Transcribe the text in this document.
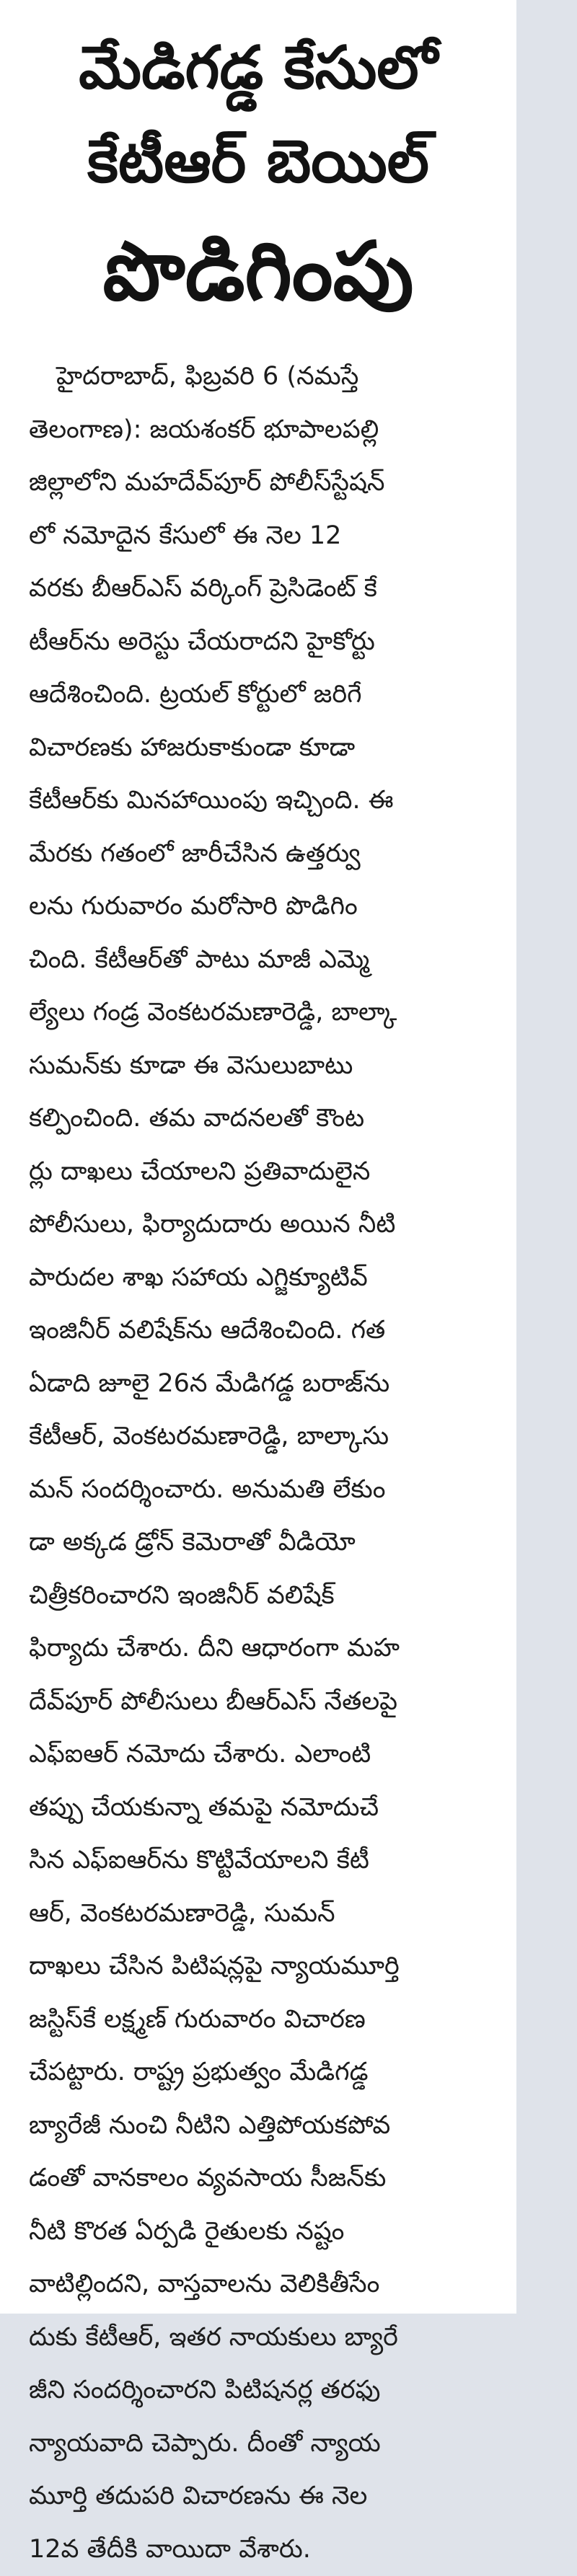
మేడిగడ్డ కేసులో
కేటీఆర్ బెయిల్
పొడిగింపు
హైదరాబాద్, ఫిబ్రవరి 6 (నమస్తే
తెలంగాణ): జయశంకర్ భూపాలపల్లి
జిల్లాలోని మహదేవ్‌పూర్ పోలీస్‌స్టేషన్
లో నమోదైన కేసులో ఈ నెల 12
వరకు బీఆర్‌ఎస్ వర్కింగ్ ప్రెసిడెంట్ కే
టీఆర్‌ను అరెస్టు చేయరాదని హైకోర్టు
ఆదేశించింది. ట్రయల్ కోర్టులో జరిగే
విచారణకు హాజరుకాకుండా కూడా
కేటీఆర్‌కు మినహాయింపు ఇచ్చింది. ఈ
మేరకు గతంలో జారీచేసిన ఉత్తర్వు
లను గురువారం మరోసారి పొడిగిం
చింది. కేటీఆర్‌తో పాటు మాజీ ఎమ్మె
ల్యేలు గండ్ర వెంకటరమణారెడ్డి, బాల్కా
సుమన్‌కు కూడా ఈ వెసులుబాటు
కల్పించింది. తమ వాదనలతో కౌంట
ర్లు దాఖలు చేయాలని ప్రతివాదులైన
పోలీసులు, ఫిర్యాదుదారు అయిన నీటి
పారుదల శాఖ సహాయ ఎగ్జిక్యూటివ్
ఇంజినీర్ వలిషేక్‌ను ఆదేశించింది. గత
ఏడాది జూలై 26న మేడిగడ్డ బరాజ్‌ను
కేటీఆర్, వెంకటరమణారెడ్డి, బాల్కాసు
మన్ సందర్శించారు. అనుమతి లేకుం
డా అక్కడ డ్రోన్ కెమెరాతో వీడియో
చిత్రీకరించారని ఇంజినీర్ వలిషేక్
ఫిర్యాదు చేశారు. దీని ఆధారంగా మహ
దేవ్‌పూర్ పోలీసులు బీఆర్‌ఎస్ నేతలపై
ఎఫ్‌ఐఆర్ నమోదు చేశారు. ఎలాంటి
తప్పు చేయకున్నా తమపై నమోదుచే
సిన ఎఫ్‌ఐఆర్‌ను కొట్టివేయాలని కేటీ
ఆర్, వెంకటరమణారెడ్డి, సుమన్
దాఖలు చేసిన పిటిషన్లపై న్యాయమూర్తి
జస్టిస్‌కే లక్ష్మణ్ గురువారం విచారణ
చేపట్టారు. రాష్ట్ర ప్రభుత్వం మేడిగడ్డ
బ్యారేజీ నుంచి నీటిని ఎత్తిపోయకపోవ
డంతో వానకాలం వ్యవసాయ సీజన్‌కు
నీటి కొరత ఏర్పడి రైతులకు నష్టం
వాటిల్లిందని, వాస్తవాలను వెలికితీసేం
దుకు కేటీఆర్, ఇతర నాయకులు బ్యారే
జీని సందర్శించారని పిటిషనర్ల తరఫు
న్యాయవాది చెప్పారు. దీంతో న్యాయ
మూర్తి తదుపరి విచారణను ఈ నెల
12వ తేదీకి వాయిదా వేశారు.
